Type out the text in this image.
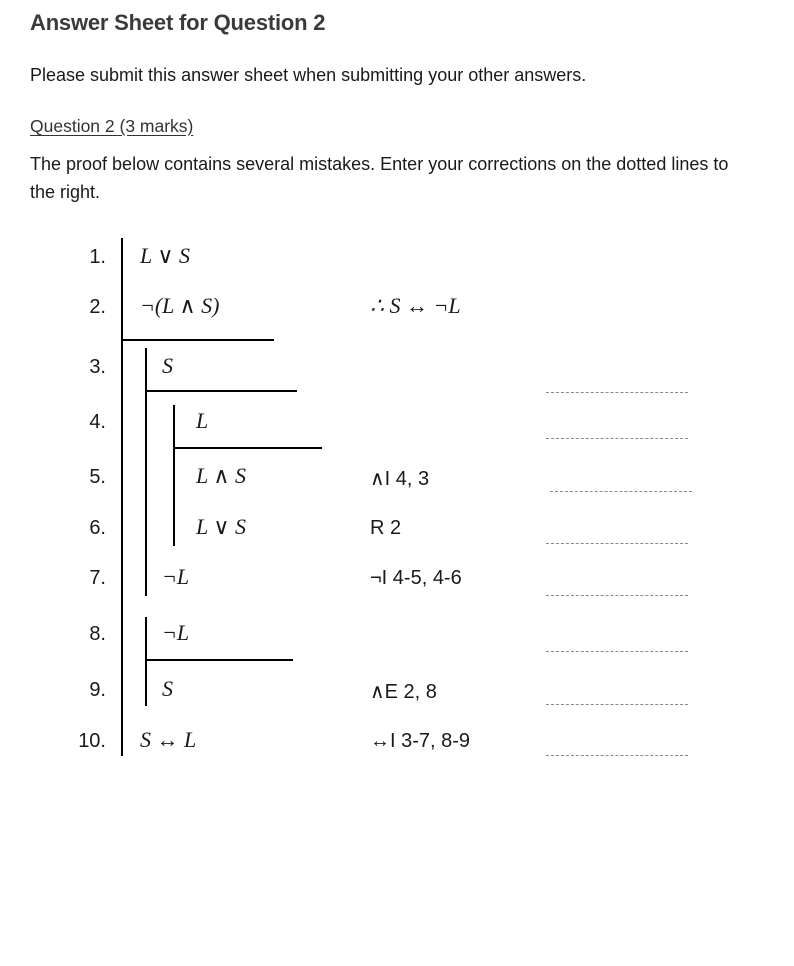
Answer Sheet for Question 2
Please submit this answer sheet when submitting your other answers.
Question 2 (3 marks)
The proof below contains several mistakes. Enter your corrections on the dotted lines to the right.
1.
2.
3.
4.
5.
6.
7.
8.
9.
10.
L ∨ S
¬(L ∧ S)
S
L
L ∧ S
L ∨ S
¬L
¬L
S
S ↔ L
∴ S ↔ ¬L
∧I 4, 3
R 2
¬I 4-5, 4-6
∧E 2, 8
↔I 3-7, 8-9
